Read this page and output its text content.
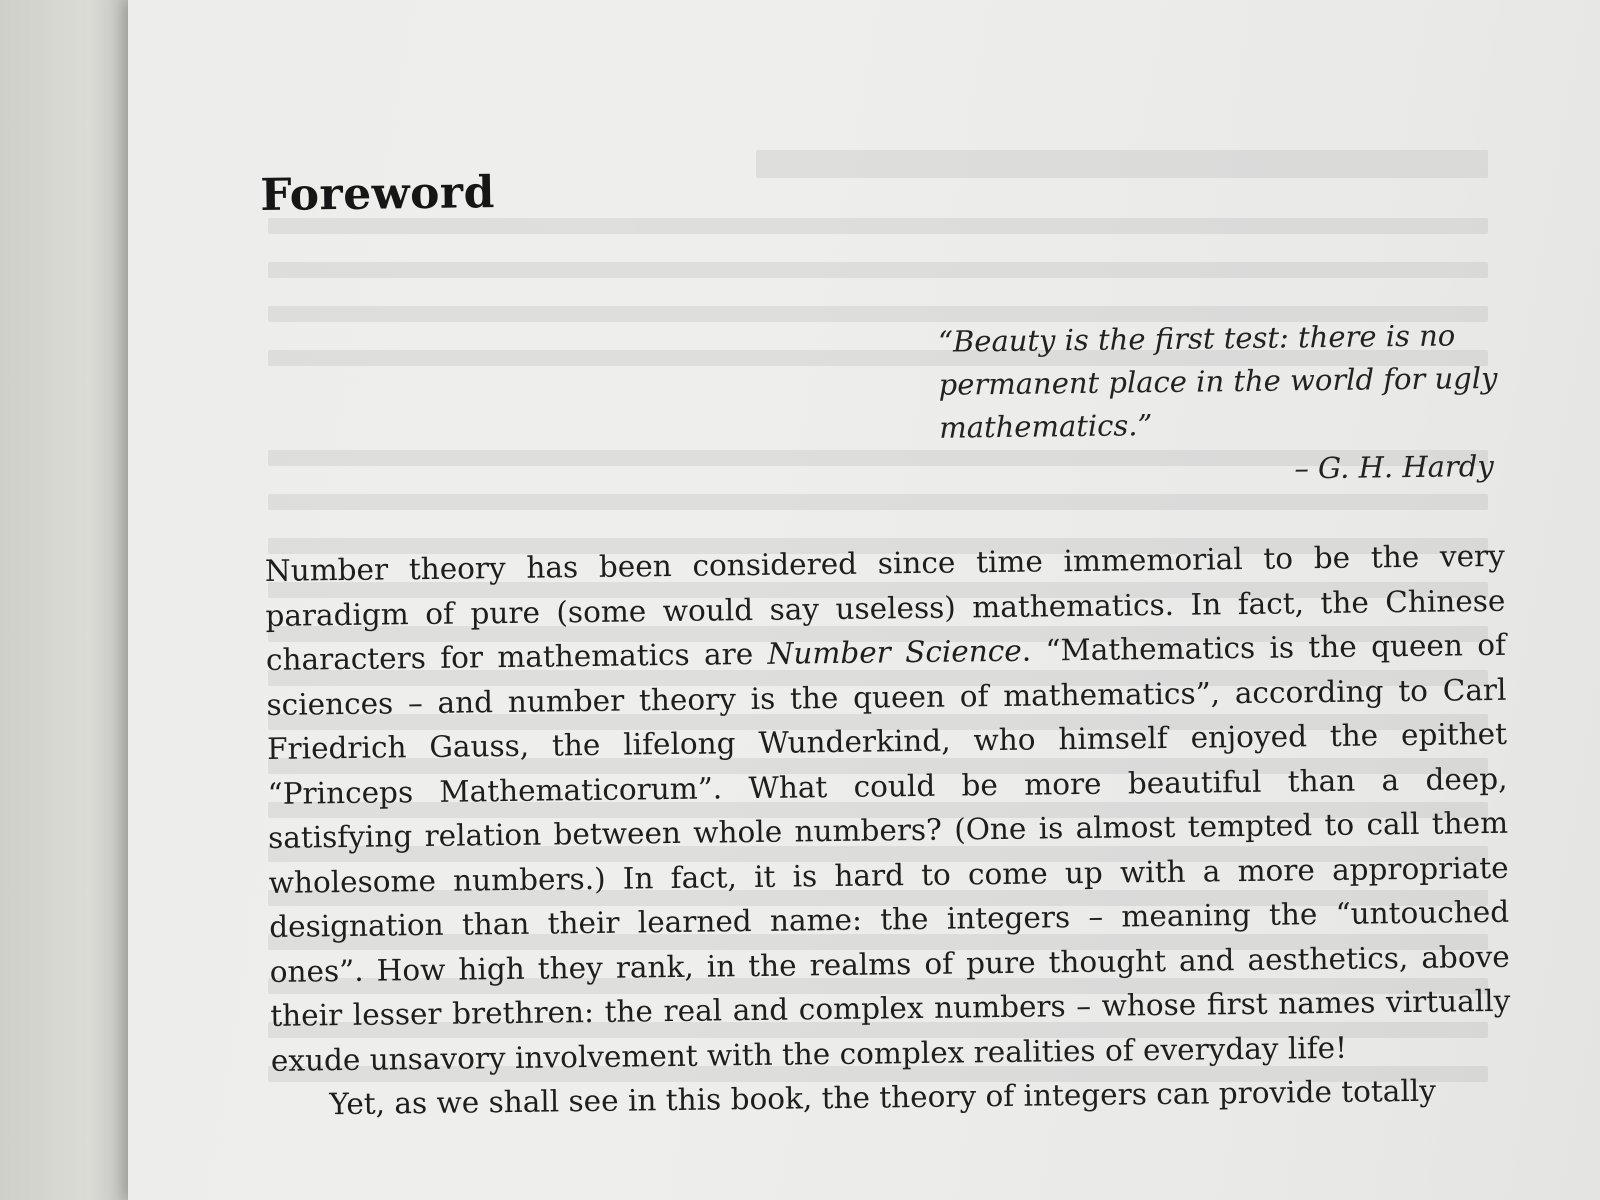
Foreword
“Beauty is the first test: there is no permanent place in the world for ugly mathematics.”
– G. H. Hardy

Number theory has been considered since time immemorial to be the very paradigm of pure (some would say useless) mathematics. In fact, the Chinese characters for mathematics are Number Science. “Mathematics is the queen of sciences – and number theory is the queen of mathematics”, according to Carl Friedrich Gauss, the lifelong Wunderkind, who himself enjoyed the epithet “Princeps Mathematicorum”. What could be more beautiful than a deep, satisfying relation between whole numbers? (One is almost tempted to call them wholesome numbers.) In fact, it is hard to come up with a more appropriate designation than their learned name: the integers – meaning the “untouched ones”. How high they rank, in the realms of pure thought and aesthetics, above their lesser brethren: the real and complex numbers – whose first names virtually exude unsavory involvement with the complex realities of everyday life!

Yet, as we shall see in this book, the theory of integers can provide totally
